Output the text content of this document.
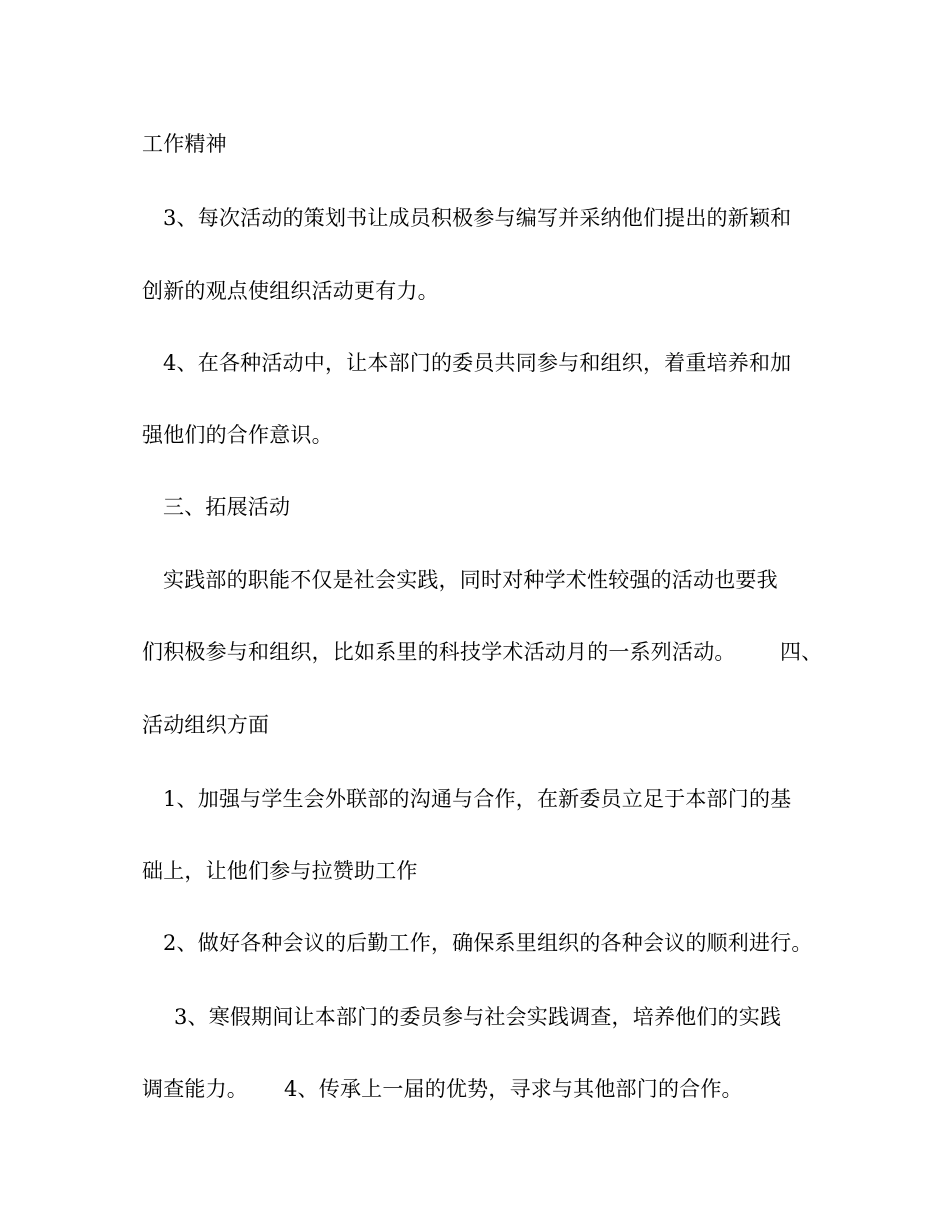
工作精神
3、每次活动的策划书让成员积极参与编写并采纳他们提出的新颖和
创新的观点使组织活动更有力。
4、在各种活动中，让本部门的委员共同参与和组织，着重培养和加
强他们的合作意识。
三、拓展活动
实践部的职能不仅是社会实践，同时对种学术性较强的活动也要我
们积极参与和组织，比如系里的科技学术活动月的一系列活动。	四、
活动组织方面
1、加强与学生会外联部的沟通与合作，在新委员立足于本部门的基
础上，让他们参与拉赞助工作
2、做好各种会议的后勤工作，确保系里组织的各种会议的顺利进行。
3、寒假期间让本部门的委员参与社会实践调查，培养他们的实践
调查能力。	4、传承上一届的优势，寻求与其他部门的合作。
